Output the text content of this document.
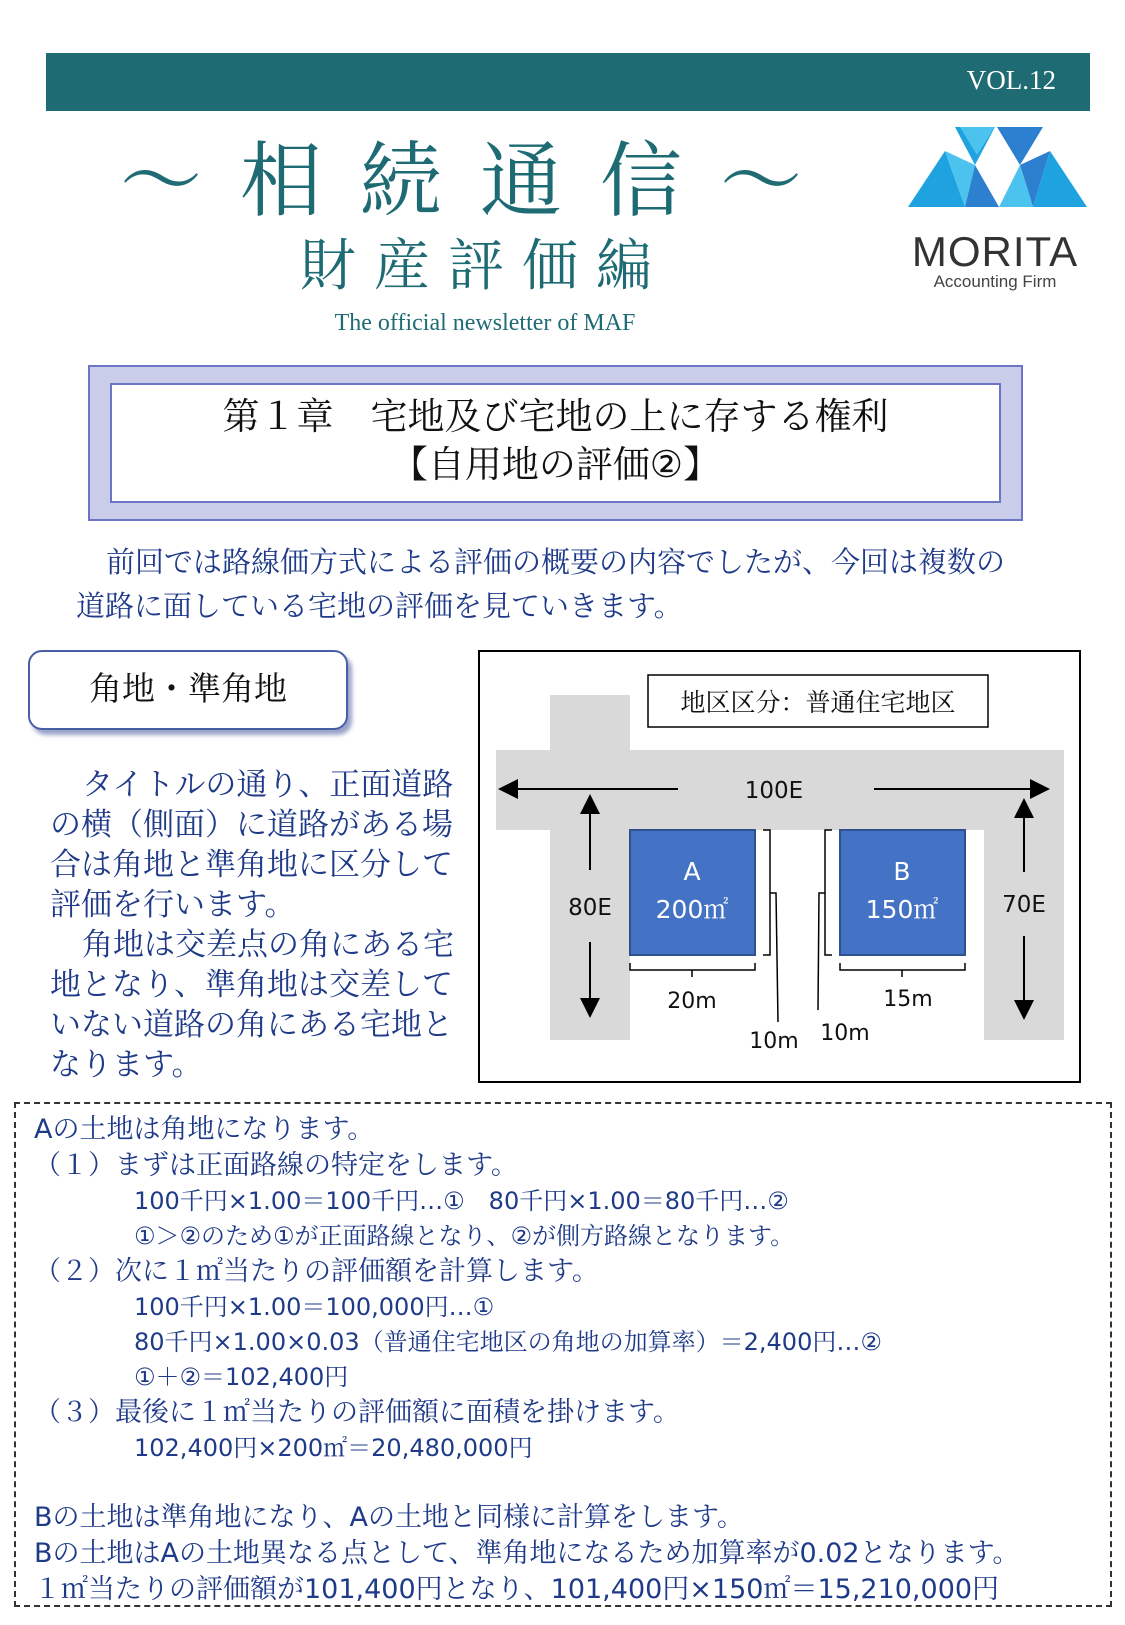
VOL.12
～相続通信～
財産評価編
The official newsletter of MAF
MORITA
Accounting Firm
第１章　宅地及び宅地の上に存する権利
【自用地の評価②】
前回では路線価方式による評価の概要の内容でしたが、今回は複数の道路に面している宅地の評価を見ていきます。
角地・準角地

タイトルの通り、正面道路の横（側面）に道路がある場合は角地と準角地に区分して評価を行います。

角地は交差点の角にある宅地となり、準角地は交差していない道路の角にある宅地となります。

地区区分：普通住宅地区
100E
80E	70E
A
200㎡
20m
10m
B
150㎡
15m
10m
Aの土地は角地になります。
（１）まずは正面路線の特定をします。
100千円×1.00＝100千円…①　80千円×1.00＝80千円…②
①＞②のため①が正面路線となり、②が側方路線となります。
（２）次に１㎡当たりの評価額を計算します。
100千円×1.00＝100,000円…①
80千円×1.00×0.03（普通住宅地区の角地の加算率）＝2,400円…②
①＋②＝102,400円
（３）最後に１㎡当たりの評価額に面積を掛けます。
102,400円×200㎡＝20,480,000円
Bの土地は準角地になり、Aの土地と同様に計算をします。
Bの土地はAの土地異なる点として、準角地になるため加算率が0.02となります。
１㎡当たりの評価額が101,400円となり、101,400円×150㎡＝15,210,000円
